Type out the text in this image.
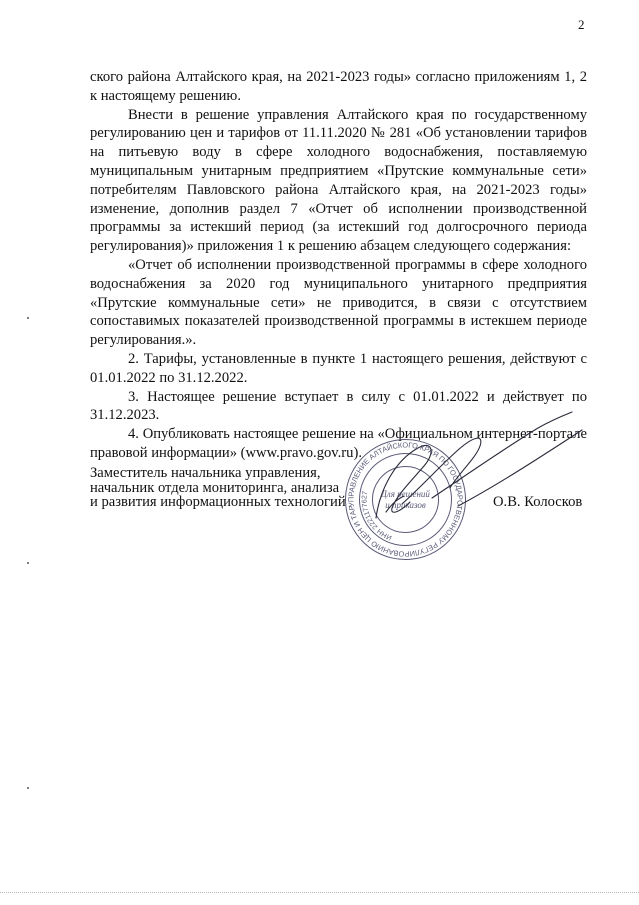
2

ского района Алтайского края, на 2021-2023 годы» согласно приложениям 1, 2 к настоящему решению.

Внести в решение управления Алтайского края по государственному регулированию цен и тарифов от 11.11.2020 № 281 «Об установлении тарифов на питьевую воду в сфере холодного водоснабжения, поставляемую муниципальным унитарным предприятием «Прутские коммунальные сети» потребителям Павловского района Алтайского края, на 2021-2023 годы» изменение, дополнив раздел 7 «Отчет об исполнении производственной программы за истекший период (за истекший год долгосрочного периода регулирования)» приложения 1 к решению абзацем следующего содержания:

«Отчет об исполнении производственной программы в сфере холодного водоснабжения за 2020 год муниципального унитарного предприятия «Прутские коммунальные сети» не приводится, в связи с отсутствием сопоставимых показателей производственной программы в истекшем периоде регулирования.».

2. Тарифы, установленные в пункте 1 настоящего решения, действуют с 01.01.2022 по 31.12.2022.

3. Настоящее решение вступает в силу с 01.01.2022 и действует по 31.12.2023.

4. Опубликовать настоящее решение на «Официальном интернет-портале правовой информации» (www.pravo.gov.ru).

Заместитель начальника управления,
начальник отдела мониторинга, анализа
и развития информационных технологий	О.В. Колосков
УПРАВЛЕНИЕ АЛТАЙСКОГО КРАЯ ПО ГОСУДАРСТВЕННОМУ РЕГУЛИРОВАНИЮ ЦЕН И ТАРИФОВ
ИНН 2221177627	Для решений
и приказов
